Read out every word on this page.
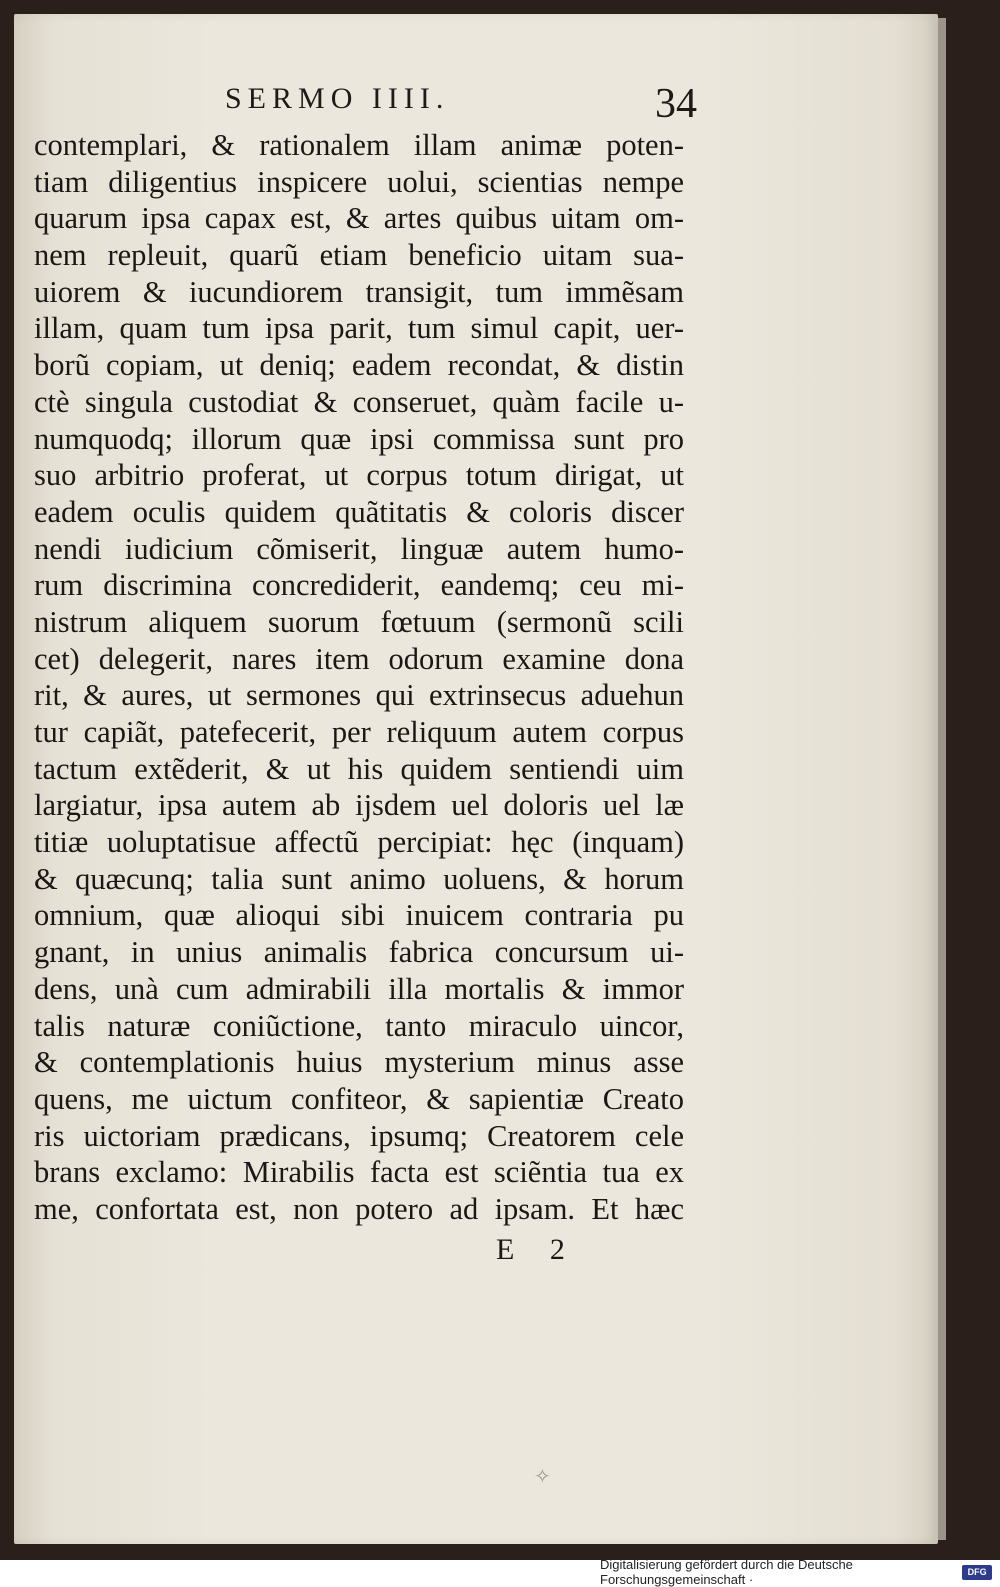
SERMO IIII.	34
contemplari, & rationalem illam animæ poten-
tiam diligentius inspicere uolui, scientias nempe
quarum ipsa capax est, & artes quibus uitam om-
nem repleuit, quarũ etiam beneficio uitam sua-
uiorem & iucundiorem transigit, tum immẽsam
illam, quam tum ipsa parit, tum simul capit, uer-
borũ copiam, ut deniq; eadem recondat, & distin
ctè singula custodiat & conseruet, quàm facile u-
numquodq; illorum quæ ipsi commissa sunt pro
suo arbitrio proferat, ut corpus totum dirigat, ut
eadem oculis quidem quãtitatis & coloris discer
nendi iudicium cõmiserit, linguæ autem humo-
rum discrimina concrediderit, eandemq; ceu mi-
nistrum aliquem suorum fœtuum (sermonũ scili
cet) delegerit, nares item odorum examine dona
rit, & aures, ut sermones qui extrinsecus aduehun
tur capiãt, patefecerit, per reliquum autem corpus
tactum extẽderit, & ut his quidem sentiendi uim
largiatur, ipsa autem ab ijsdem uel doloris uel læ
titiæ uoluptatisue affectũ percipiat: hęc (inquam)
& quæcunq; talia sunt animo uoluens, & horum
omnium, quæ alioqui sibi inuicem contraria pu
gnant, in unius animalis fabrica concursum ui-
dens, unà cum admirabili illa mortalis & immor
talis naturæ coniũctione, tanto miraculo uincor,
& contemplationis huius mysterium minus asse
quens, me uictum confiteor, & sapientiæ Creato
ris uictoriam prædicans, ipsumq; Creatorem cele
brans exclamo: Mirabilis facta est sciẽntia tua ex
me, confortata est, non potero ad ipsam. Et hæc
E 2
✧
Digitalisierung gefördert durch die Deutsche Forschungsgemeinschaft ·	DFG
